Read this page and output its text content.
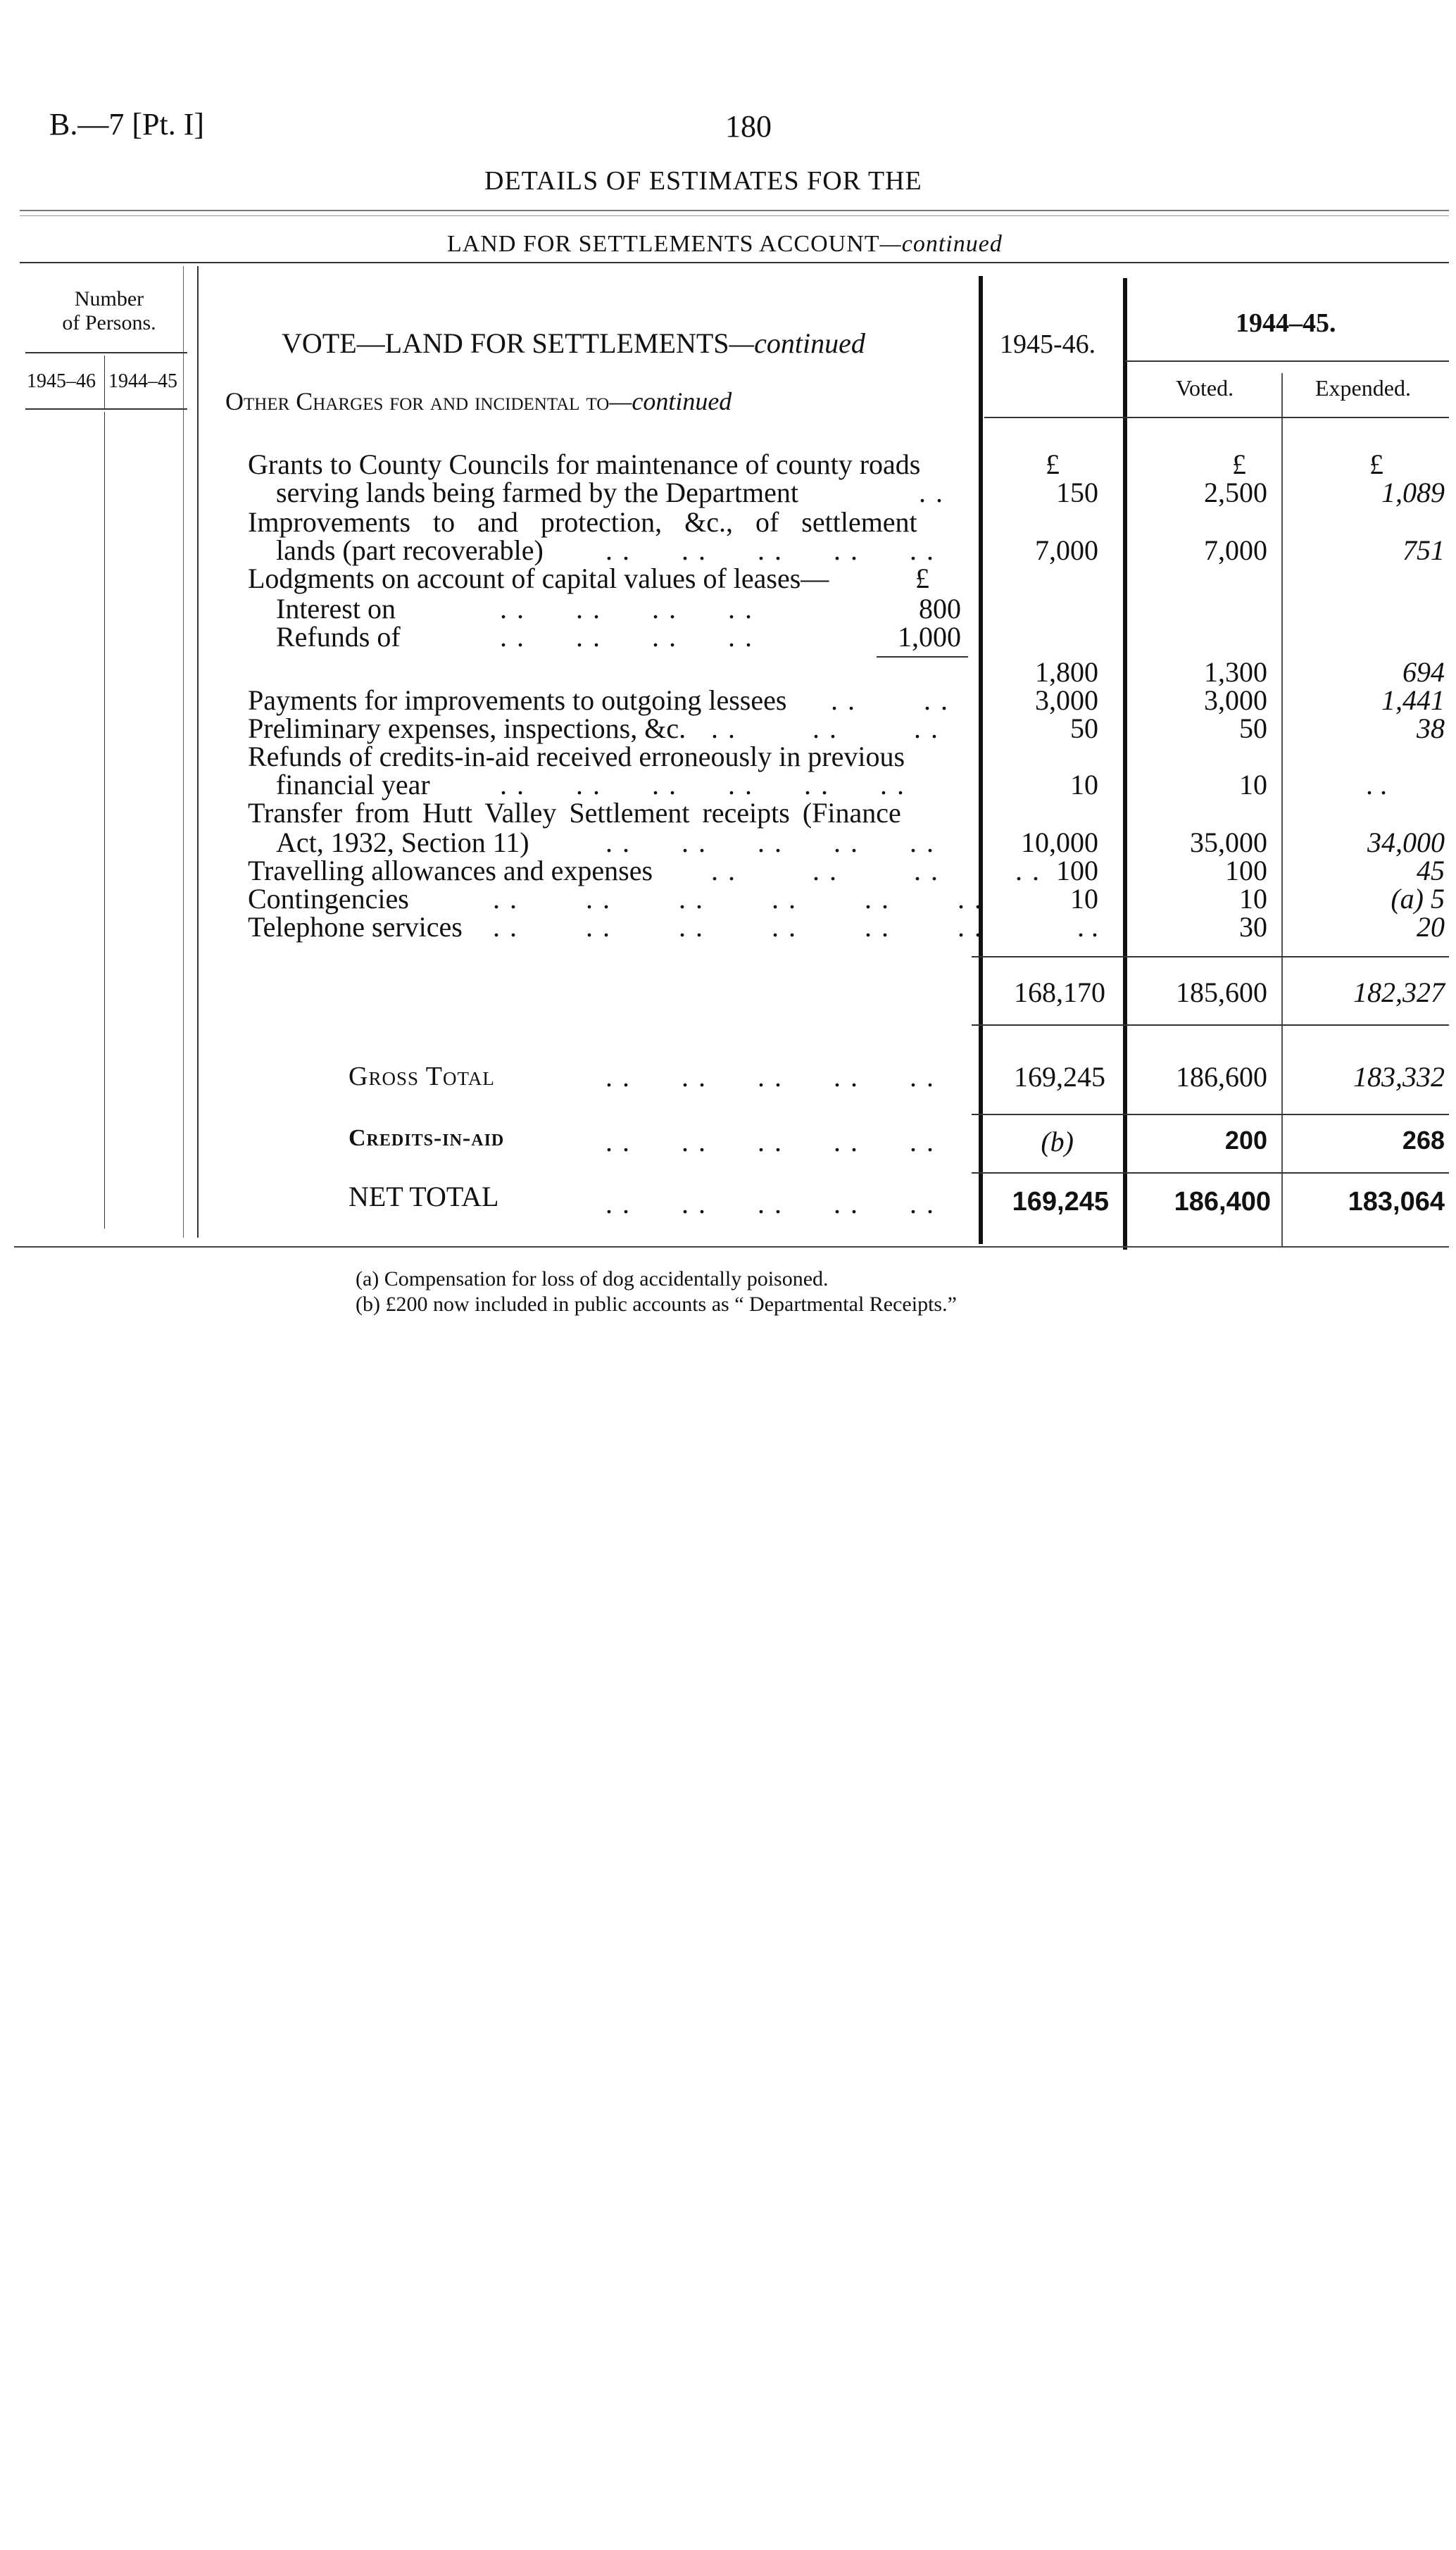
B.—7 [Pt. I]	180
DETAILS OF ESTIMATES FOR THE
LAND FOR SETTLEMENTS ACCOUNT—continued
Number
of Persons.
1945–46 1944–45
1945-46.
1944–45.
Voted.	Expended.
VOTE—LAND FOR SETTLEMENTS—continued
Other Charges for and incidental to—continued
£	£	£
Grants to County Councils for maintenance of county roads
serving lands being farmed by the Department	. .	150	2,500	1,089
Improvements to and protection, &c., of settlement
lands (part recoverable) . .      . .      . .      . .      . .	7,000	7,000	751
Lodgments on account of capital values of leases—	£
Interest on	. .      . .      . .      . .	800
Refunds of	. .      . .      . .      . .	1,000
1,800	1,300	694
Payments for improvements to outgoing lessees . .        . .	3,000	3,000	1,441
Preliminary expenses, inspections, &c. . .         . .         . .	50	50	38
Refunds of credits-in-aid received erroneously in previous
financial year . .      . .      . .      . .      . .      . .	10	10	. .
Transfer from Hutt Valley Settlement receipts (Finance
Act, 1932, Section 11)	. .      . .      . .      . .      . .	10,000	35,000	34,000
Travelling allowances and expenses . .         . .         . .         . . 100	100	45
Contingencies	. .        . .        . .        . .        . .        . .	10	10	(a) 5
Telephone services . .        . .        . .        . .        . .        . .	. .	30	20
168,170	185,600	182,327
Gross Total	. .      . .      . .      . .      . .	169,245	186,600	183,332
Credits-in-aid	. .      . .      . .      . .      . .	(b)	200	268
NET TOTAL	. .      . .      . .      . .      . .	169,245	186,400	183,064
(a) Compensation for loss of dog accidentally poisoned.
(b) £200 now included in public accounts as “ Departmental Receipts.”
